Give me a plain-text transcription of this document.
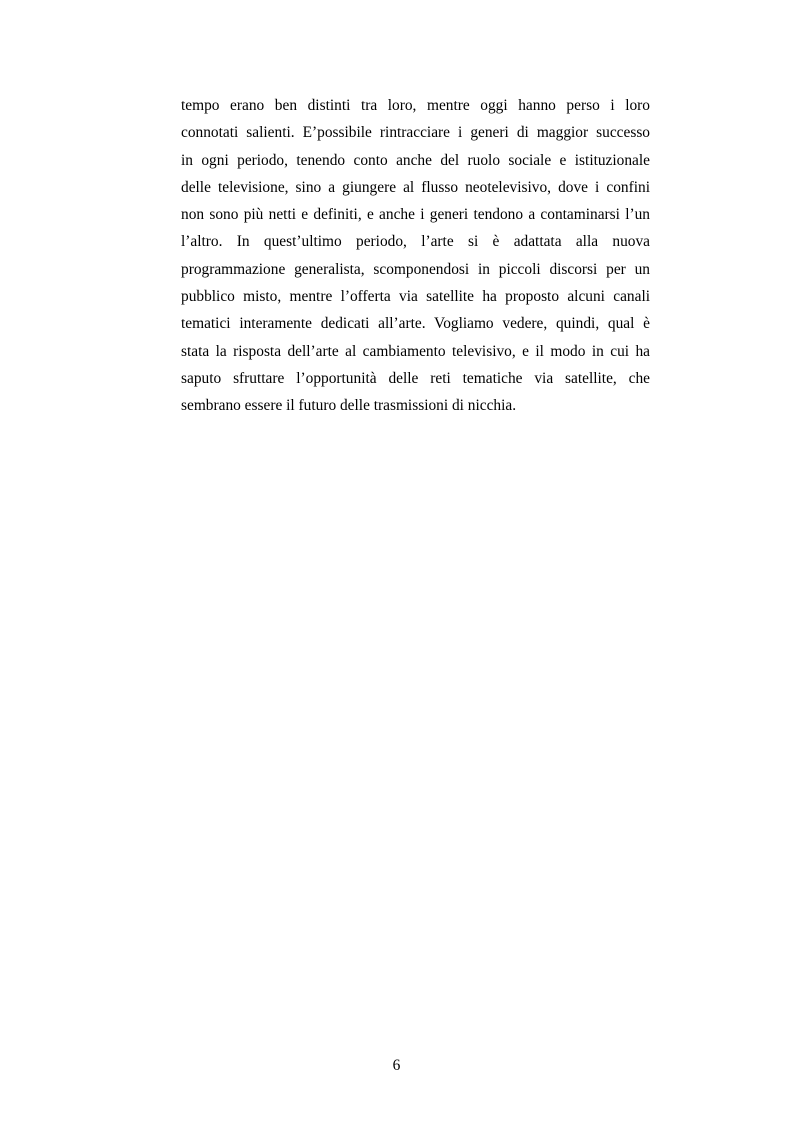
tempo erano ben distinti tra loro, mentre oggi hanno perso i loro
connotati salienti. E’possibile rintracciare i generi di maggior successo
in ogni periodo, tenendo conto anche del ruolo sociale e istituzionale
delle televisione, sino a giungere al flusso neotelevisivo, dove i confini
non sono più netti e definiti, e anche i generi tendono a contaminarsi l’un
l’altro. In quest’ultimo periodo, l’arte si è adattata alla nuova
programmazione generalista, scomponendosi in piccoli discorsi per un
pubblico misto, mentre l’offerta via satellite ha proposto alcuni canali
tematici interamente dedicati all’arte. Vogliamo vedere, quindi, qual è
stata la risposta dell’arte al cambiamento televisivo, e il modo in cui ha
saputo sfruttare l’opportunità delle reti tematiche via satellite, che
sembrano essere il futuro delle trasmissioni di nicchia.
6
